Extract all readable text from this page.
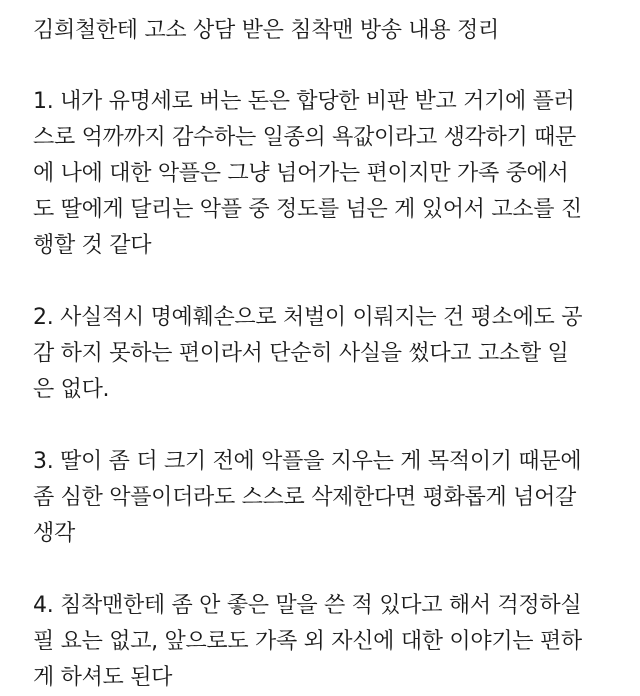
김희철한테 고소 상담 받은 침착맨 방송 내용 정리

1. 내가 유명세로 버는 돈은 합당한 비판 받고 거기에 플러
스로 억까까지 감수하는 일종의 욕값이라고 생각하기 때문
에 나에 대한 악플은 그냥 넘어가는 편이지만 가족 중에서
도 딸에게 달리는 악플 중 정도를 넘은 게 있어서 고소를 진
행할 것 같다

2. 사실적시 명예훼손으로 처벌이 이뤄지는 건 평소에도 공
감 하지 못하는 편이라서 단순히 사실을 썼다고 고소할 일
은 없다.

3. 딸이 좀 더 크기 전에 악플을 지우는 게 목적이기 때문에
좀 심한 악플이더라도 스스로 삭제한다면 평화롭게 넘어갈
생각

4. 침착맨한테 좀 안 좋은 말을 쓴 적 있다고 해서 걱정하실
필 요는 없고, 앞으로도 가족 외 자신에 대한 이야기는 편하
게 하셔도 된다
